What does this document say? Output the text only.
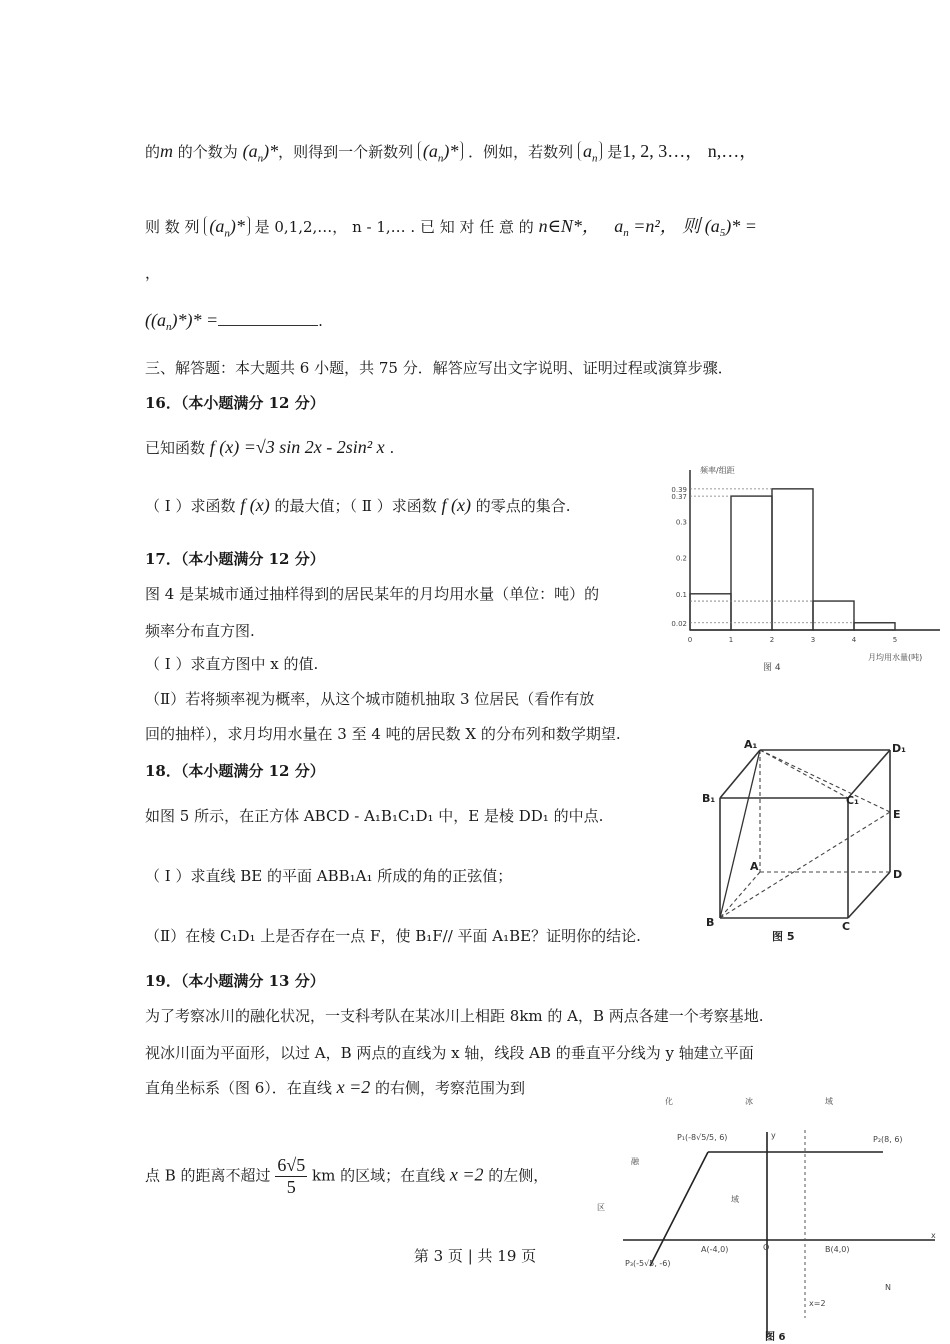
的m 的个数为 $(a_n)*$，则得到一个新数列 $(a_n)*$ ．例如，若数列 $a_n$ 是1, 2, 3…， n,…，
则 数 列 $(a_n)*$ 是 0,1,2,…， n - 1,… . 已 知 对 任 意 的 n∈N*， $a_n =n^2$， 则 $(a_5)*$ =
，
$((a_n)*)*$ =	.
三、解答题：本大题共 6 小题，共 75 分．解答应写出文字说明、证明过程或演算步骤．
16．（本小题满分 12 分）
已知函数 f (x) =√3 sin 2x - 2sin² x .
（ Ⅰ ）求函数 f (x) 的最大值；（ Ⅱ ）求函数 f (x) 的零点的集合.
17．（本小题满分 12 分）
图 4 是某城市通过抽样得到的居民某年的月均用水量（单位：吨）的
频率分布直方图.
（ Ⅰ ）求直方图中 x 的值.
（Ⅱ）若将频率视为概率，从这个城市随机抽取 3 位居民（看作有放
回的抽样），求月均用水量在 3 至 4 吨的居民数 X 的分布列和数学期望.
18．（本小题满分 12 分）
如图 5 所示，在正方体 ABCD - A₁B₁C₁D₁ 中，E 是棱 DD₁ 的中点.
（ Ⅰ ）求直线 BE 的平面 ABB₁A₁ 所成的角的正弦值；
（Ⅱ）在棱 C₁D₁ 上是否存在一点 F，使 B₁F// 平面 A₁BE？证明你的结论.
19．（本小题满分 13 分）
为了考察冰川的融化状况，一支科考队在某冰川上相距 8km 的 A，B 两点各建一个考察基地.
视冰川面为平面形，以过 A，B 两点的直线为 x 轴，线段 AB 的垂直平分线为 y 轴建立平面
直角坐标系（图 6）．在直线 x =2 的右侧，考察范围为到
点 B 的距离不超过 $\frac{6√5}{5}$ km 的区域；在直线 x =2 的左侧，
第 3 页 | 共 19 页
频率/组距
月均用水量(吨)
图 4
0.02
0.1
0.2
0.3
0.37
0.39
0	1	2	3	4	5
A₁	D₁
B₁	C₁
E
A
D
B	C
图 5
化	冰	域
融
区
域
N
P₁(-8√5/5, 6)	P₂(8, 6)
P₃(-5√5, -6)
A(-4,0)	B(4,0)
O
y
x
x=2
图 6
